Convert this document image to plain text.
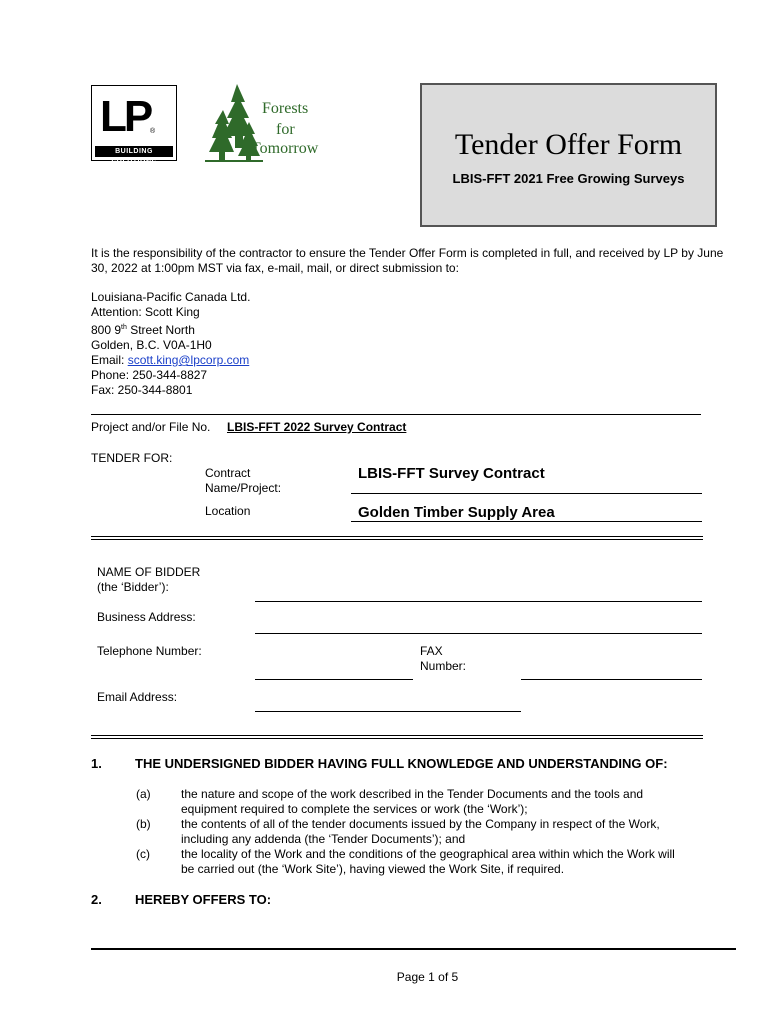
LP ®
BUILDING SOLUTIONS
Forests
for
Tomorrow	Tender Offer Form
LBIS-FFT 2021 Free Growing Surveys
It is the responsibility of the contractor to ensure the Tender Offer Form is completed in full, and received by LP by June 30, 2022 at 1:00pm MST via fax, e-mail, mail, or direct submission to:
Louisiana-Pacific Canada Ltd.
Attention: Scott King
800 9th Street North
Golden, B.C. V0A-1H0
Email: scott.king@lpcorp.com
Phone: 250-344-8827
Fax: 250-344-8801
Project and/or File No. LBIS-FFT 2022 Survey Contract
TENDER FOR:
Contract
Name/Project:
LBIS-FFT Survey Contract
Location	Golden Timber Supply Area
NAME OF BIDDER
(the ‘Bidder’):
Business Address:
Telephone Number:	FAX
Number:
Email Address:
1.	THE UNDERSIGNED BIDDER HAVING FULL KNOWLEDGE AND UNDERSTANDING OF:
(a)	the nature and scope of the work described in the Tender Documents and the tools and
equipment required to complete the services or work (the ‘Work’);
(b)	the contents of all of the tender documents issued by the Company in respect of the Work,
including any addenda (the ‘Tender Documents’); and
(c)	the locality of the Work and the conditions of the geographical area within which the Work will
be carried out (the ‘Work Site’), having viewed the Work Site, if required.
2.	HEREBY OFFERS TO:
Page 1 of 5
